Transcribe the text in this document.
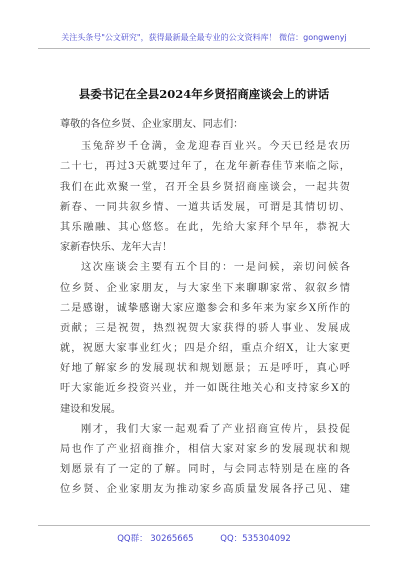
关注头条号"公文研究"，获得最新最全最专业的公文资料库！ 微信：gongwenyj
县委书记在全县2024年乡贤招商座谈会上的讲话
尊敬的各位乡贤、企业家朋友、同志们：
玉兔辞岁千仓满，金龙迎春百业兴。今天已经是农历
二十七，再过3天就要过年了，在龙年新春佳节来临之际，
我们在此欢聚一堂，召开全县乡贤招商座谈会，一起共贺
新春、一同共叙乡情、一道共话发展，可谓是其情切切、
其乐融融、其心悠悠。在此，先给大家拜个早年，恭祝大
家新春快乐、龙年大吉！
这次座谈会主要有五个目的：一是问候，亲切问候各
位乡贤、企业家朋友，与大家坐下来聊聊家常、叙叙乡情
二是感谢，诚挚感谢大家应邀参会和多年来为家乡X所作的
贡献；三是祝贺，热烈祝贺大家获得的骄人事业、发展成
就，祝愿大家事业红火；四是介绍，重点介绍X，让大家更
好地了解家乡的发展现状和规划愿景；五是呼吁，真心呼
吁大家能近乡投资兴业，并一如既往地关心和支持家乡X的
建设和发展。
刚才，我们大家一起观看了产业招商宣传片，县投促
局也作了产业招商推介，相信大家对家乡的发展现状和规
划愿景有了一定的了解。同时，与会同志特别是在座的各
位乡贤、企业家朋友为推动家乡高质量发展各抒己见、建
QQ群： 30265665	QQ：535304092
